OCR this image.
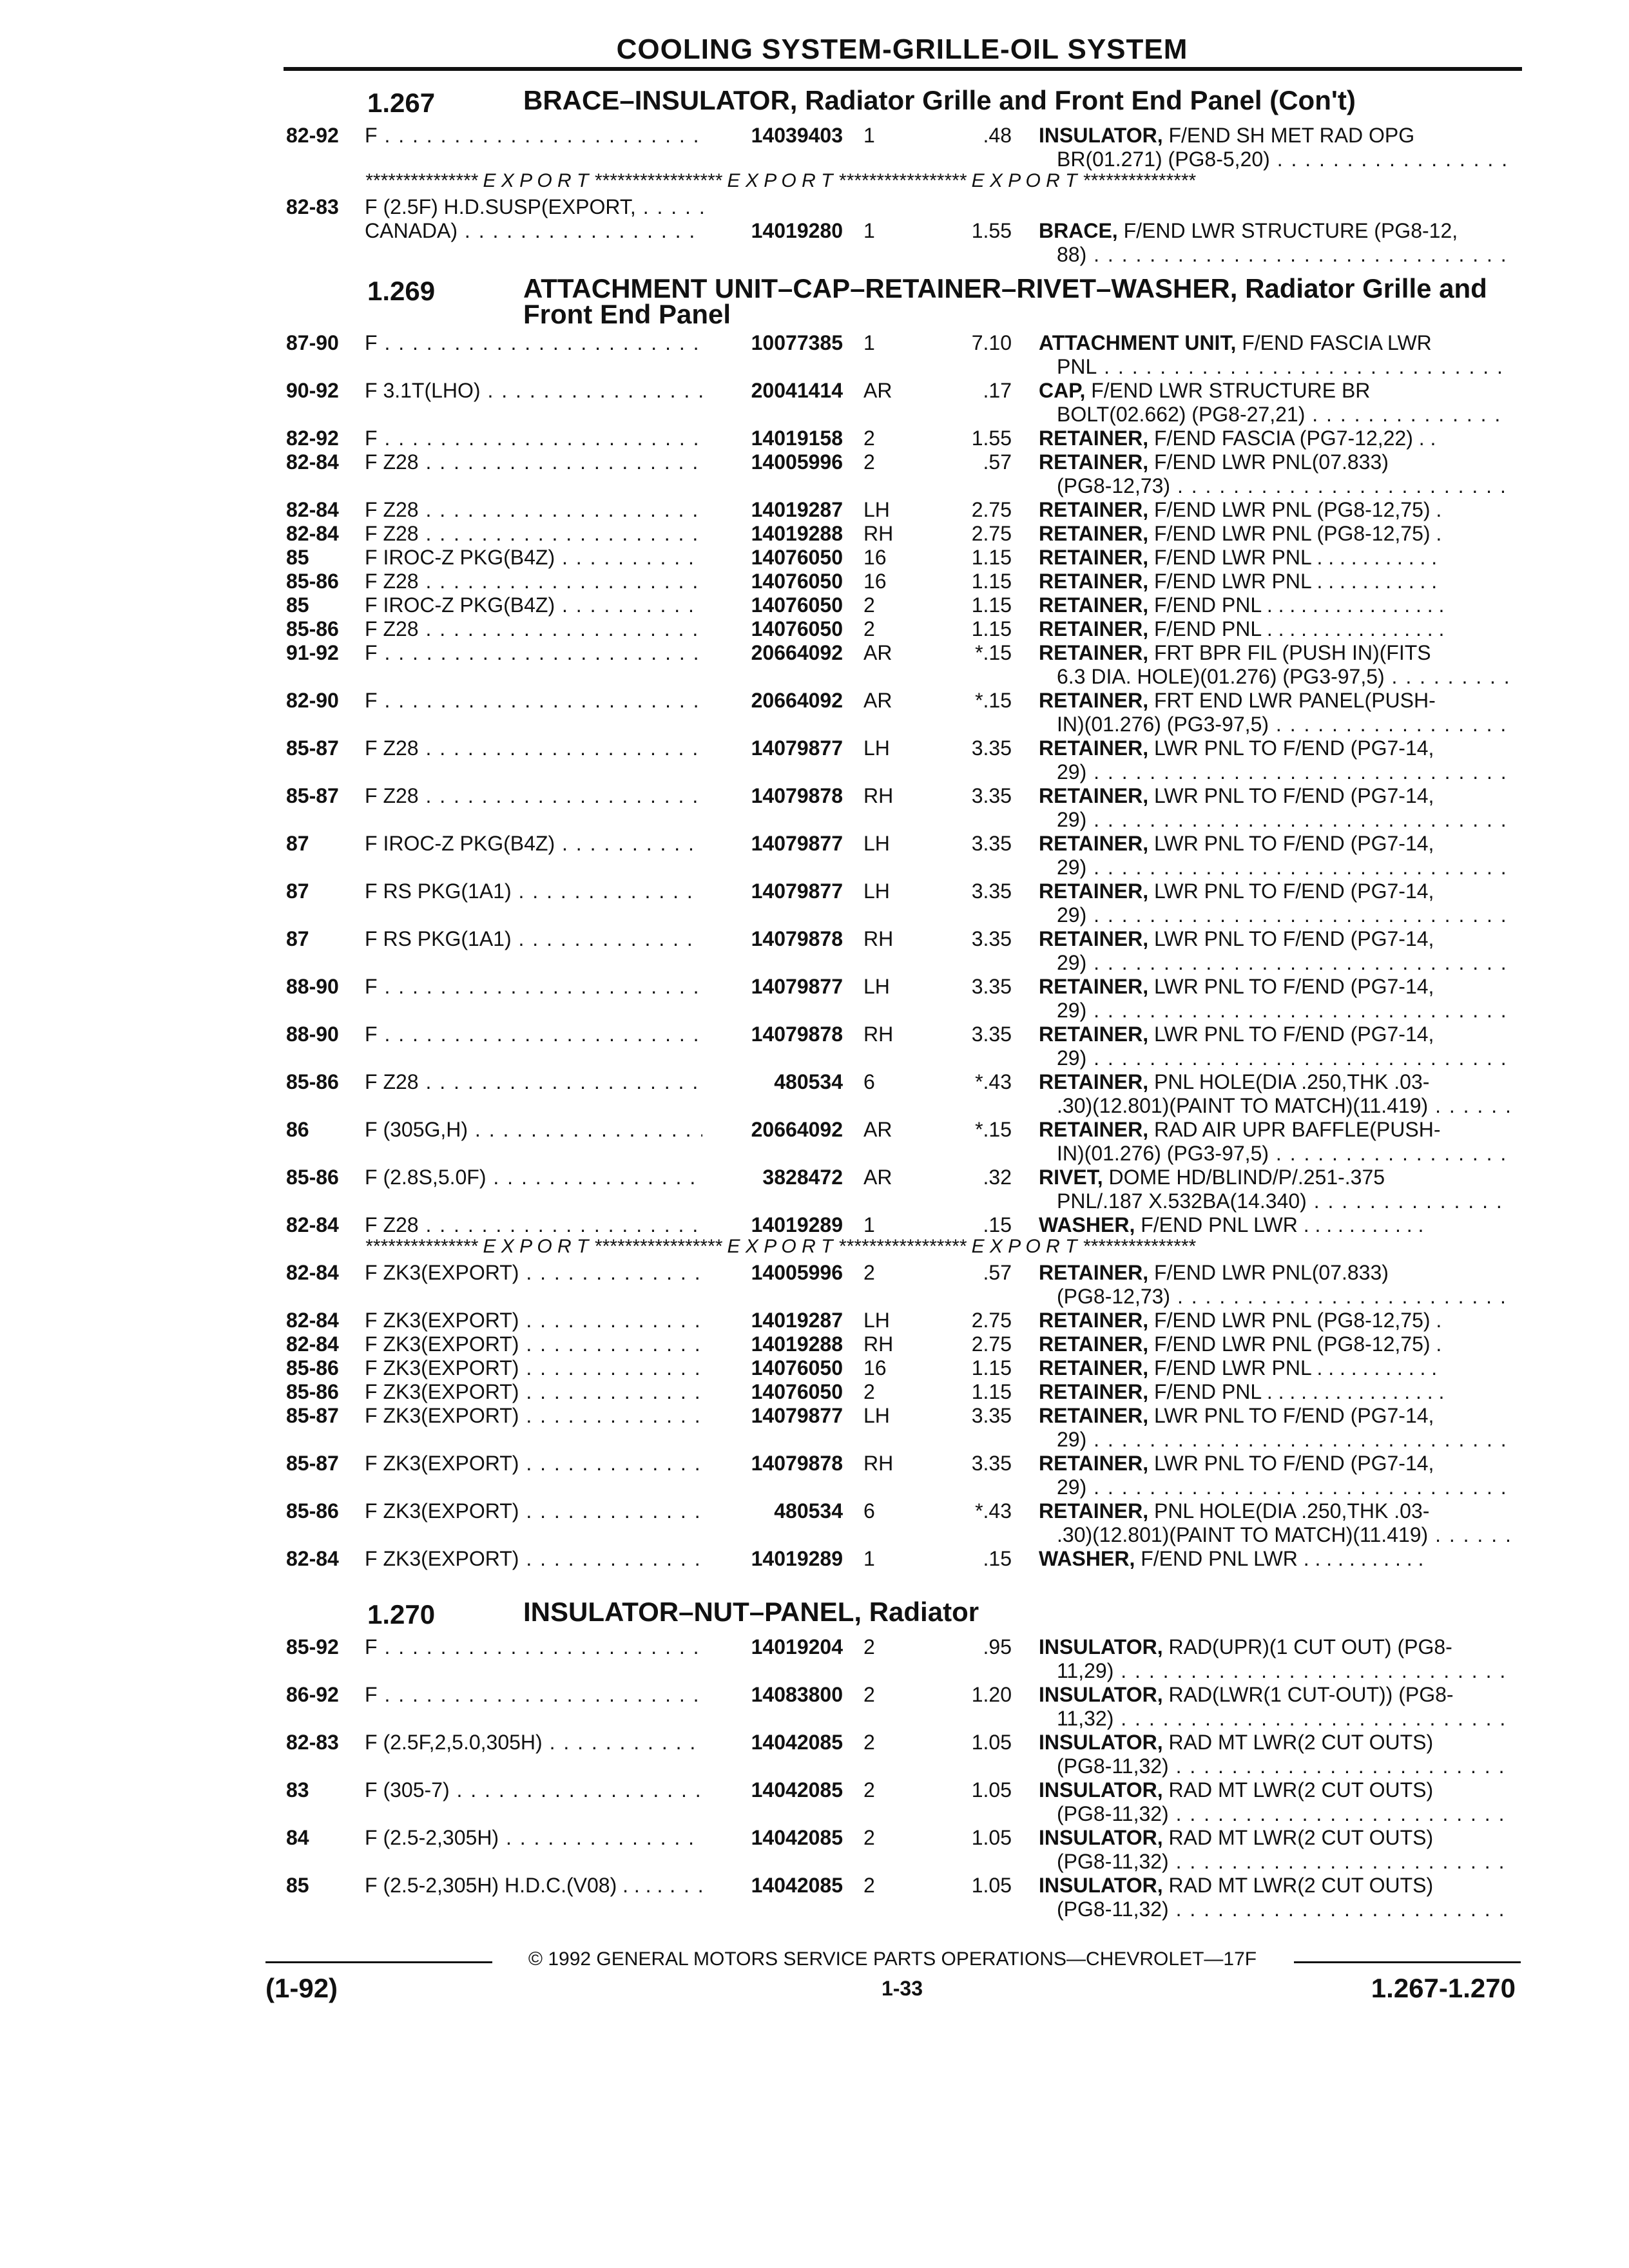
COOLING SYSTEM-GRILLE-OIL SYSTEM
1.267	BRACE–INSULATOR, Radiator Grille and Front End Panel (Con't)
82-92 F . . .	14039403 1	.48 INSULATOR, F/END SH MET RAD OPG
BR(01.271) (PG8-5,20) . . .
*************** E X P O R T ***************** E X P O R T ***************** E X P O R T ***************
82-83 F (2.5F) H.D.SUSP(EXPORT, . . .
CANADA) . . .	14019280 1	1.55 BRACE, F/END LWR STRUCTURE (PG8-12,
88) . . .
1.269	ATTACHMENT UNIT–CAP–RETAINER–RIVET–WASHER, Radiator Grille and Front End Panel
87-90 F . . .	10077385 1	7.10 ATTACHMENT UNIT, F/END FASCIA LWR
PNL . . .
90-92 F 3.1T(LHO) . . .	20041414 AR	.17 CAP, F/END LWR STRUCTURE BR
BOLT(02.662) (PG8-27,21) . . .
82-92 F . . .	14019158 2	1.55 RETAINER, F/END FASCIA (PG7-12,22) . .
82-84 F Z28 . . .	14005996 2	.57 RETAINER, F/END LWR PNL(07.833)
(PG8-12,73) . . .
82-84 F Z28 . . .	14019287 LH	2.75 RETAINER, F/END LWR PNL (PG8-12,75) .
82-84 F Z28 . . .	14019288 RH	2.75 RETAINER, F/END LWR PNL (PG8-12,75) .
85	F IROC-Z PKG(B4Z) . . .	14076050 16	1.15 RETAINER, F/END LWR PNL . . . . . . . . . . .
85-86 F Z28 . . .	14076050 16	1.15 RETAINER, F/END LWR PNL . . . . . . . . . . .
85	F IROC-Z PKG(B4Z) . . .	14076050 2	1.15 RETAINER, F/END PNL . . . . . . . . . . . . . . . .
85-86 F Z28 . . .	14076050 2	1.15 RETAINER, F/END PNL . . . . . . . . . . . . . . . .
91-92 F . . .	20664092 AR	*.15 RETAINER, FRT BPR FIL (PUSH IN)(FITS
6.3 DIA. HOLE)(01.276) (PG3-97,5) . . .
82-90 F . . .	20664092 AR	*.15 RETAINER, FRT END LWR PANEL(PUSH-
IN)(01.276) (PG3-97,5) . . .
85-87 F Z28 . . .	14079877 LH	3.35 RETAINER, LWR PNL TO F/END (PG7-14,
29) . . .
85-87 F Z28 . . .	14079878 RH	3.35 RETAINER, LWR PNL TO F/END (PG7-14,
29) . . .
87	F IROC-Z PKG(B4Z) . . .	14079877 LH	3.35 RETAINER, LWR PNL TO F/END (PG7-14,
29) . . .
87	F RS PKG(1A1) . . .	14079877 LH	3.35 RETAINER, LWR PNL TO F/END (PG7-14,
29) . . .
87	F RS PKG(1A1) . . .	14079878 RH	3.35 RETAINER, LWR PNL TO F/END (PG7-14,
29) . . .
88-90 F . . .	14079877 LH	3.35 RETAINER, LWR PNL TO F/END (PG7-14,
29) . . .
88-90 F . . .	14079878 RH	3.35 RETAINER, LWR PNL TO F/END (PG7-14,
29) . . .
85-86 F Z28 . . .	480534 6	*.43 RETAINER, PNL HOLE(DIA .250,THK .03-
.30)(12.801)(PAINT TO MATCH)(11.419) . . .
86	F (305G,H) . . .	20664092 AR	*.15 RETAINER, RAD AIR UPR BAFFLE(PUSH-
IN)(01.276) (PG3-97,5) . . .
85-86 F (2.8S,5.0F) . . .	3828472 AR	.32 RIVET, DOME HD/BLIND/P/.251-.375
PNL/.187 X.532BA(14.340) . . .
82-84 F Z28 . . .	14019289 1	.15 WASHER, F/END PNL LWR . . . . . . . . . . .
*************** E X P O R T ***************** E X P O R T ***************** E X P O R T ***************
82-84 F ZK3(EXPORT) . . .	14005996 2	.57 RETAINER, F/END LWR PNL(07.833)
(PG8-12,73) . . .
82-84 F ZK3(EXPORT) . . .	14019287 LH	2.75 RETAINER, F/END LWR PNL (PG8-12,75) .
82-84 F ZK3(EXPORT) . . .	14019288 RH	2.75 RETAINER, F/END LWR PNL (PG8-12,75) .
85-86 F ZK3(EXPORT) . . .	14076050 16	1.15 RETAINER, F/END LWR PNL . . . . . . . . . . .
85-86 F ZK3(EXPORT) . . .	14076050 2	1.15 RETAINER, F/END PNL . . . . . . . . . . . . . . . .
85-87 F ZK3(EXPORT) . . .	14079877 LH	3.35 RETAINER, LWR PNL TO F/END (PG7-14,
29) . . .
85-87 F ZK3(EXPORT) . . .	14079878 RH	3.35 RETAINER, LWR PNL TO F/END (PG7-14,
29) . . .
85-86 F ZK3(EXPORT) . . .	480534 6	*.43 RETAINER, PNL HOLE(DIA .250,THK .03-
.30)(12.801)(PAINT TO MATCH)(11.419) . . .
82-84 F ZK3(EXPORT) . . .	14019289 1	.15 WASHER, F/END PNL LWR . . . . . . . . . . .
1.270	INSULATOR–NUT–PANEL, Radiator
85-92 F . . .	14019204 2	.95 INSULATOR, RAD(UPR)(1 CUT OUT) (PG8-
11,29) . . .
86-92 F . . .	14083800 2	1.20 INSULATOR, RAD(LWR(1 CUT-OUT)) (PG8-
11,32) . . .
82-83 F (2.5F,2,5.0,305H) . . .	14042085 2	1.05 INSULATOR, RAD MT LWR(2 CUT OUTS)
(PG8-11,32) . . .
83	F (305-7) . . .	14042085 2	1.05 INSULATOR, RAD MT LWR(2 CUT OUTS)
(PG8-11,32) . . .
84	F (2.5-2,305H) . . .	14042085 2	1.05 INSULATOR, RAD MT LWR(2 CUT OUTS)
(PG8-11,32) . . .
85	F (2.5-2,305H) H.D.C.(V08) . . . . . . .	14042085 2	1.05 INSULATOR, RAD MT LWR(2 CUT OUTS)
(PG8-11,32) . . .
© 1992 GENERAL MOTORS SERVICE PARTS OPERATIONS—CHEVROLET—17F
(1-92)	1-33	1.267-1.270
